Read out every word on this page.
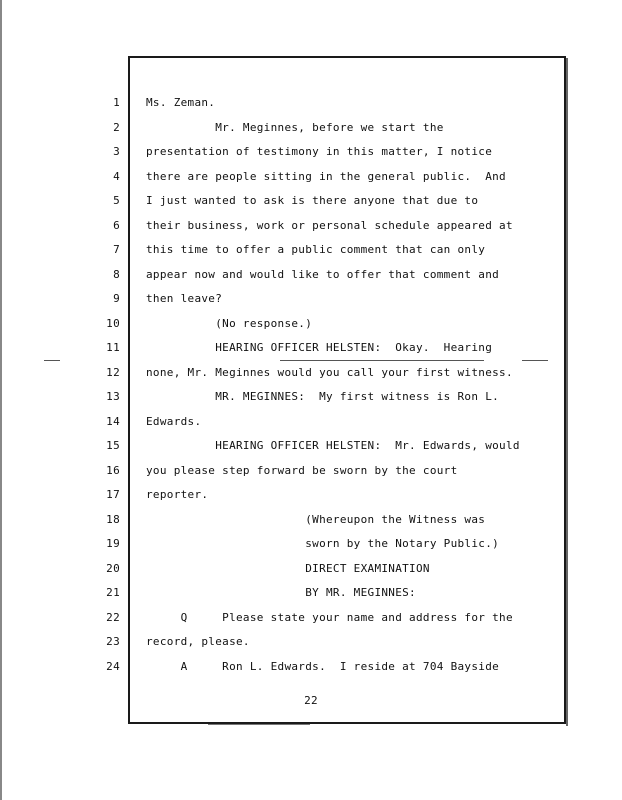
1
2
3
4
5
6
7
8
9
10
11
12
13
14
15
16
17
18
19
20
21
22
23
24
Ms. Zeman.
Mr. Meginnes, before we start the
presentation of testimony in this matter, I notice
there are people sitting in the general public.  And
I just wanted to ask is there anyone that due to
their business, work or personal schedule appeared at
this time to offer a public comment that can only
appear now and would like to offer that comment and
then leave?
(No response.)
HEARING OFFICER HELSTEN:  Okay.  Hearing
none, Mr. Meginnes would you call your first witness.
MR. MEGINNES:  My first witness is Ron L.
Edwards.
HEARING OFFICER HELSTEN:  Mr. Edwards, would
you please step forward be sworn by the court
reporter.
(Whereupon the Witness was
sworn by the Notary Public.)
DIRECT EXAMINATION
BY MR. MEGINNES:
Q     Please state your name and address for the
record, please.
A     Ron L. Edwards.  I reside at 704 Bayside
22
